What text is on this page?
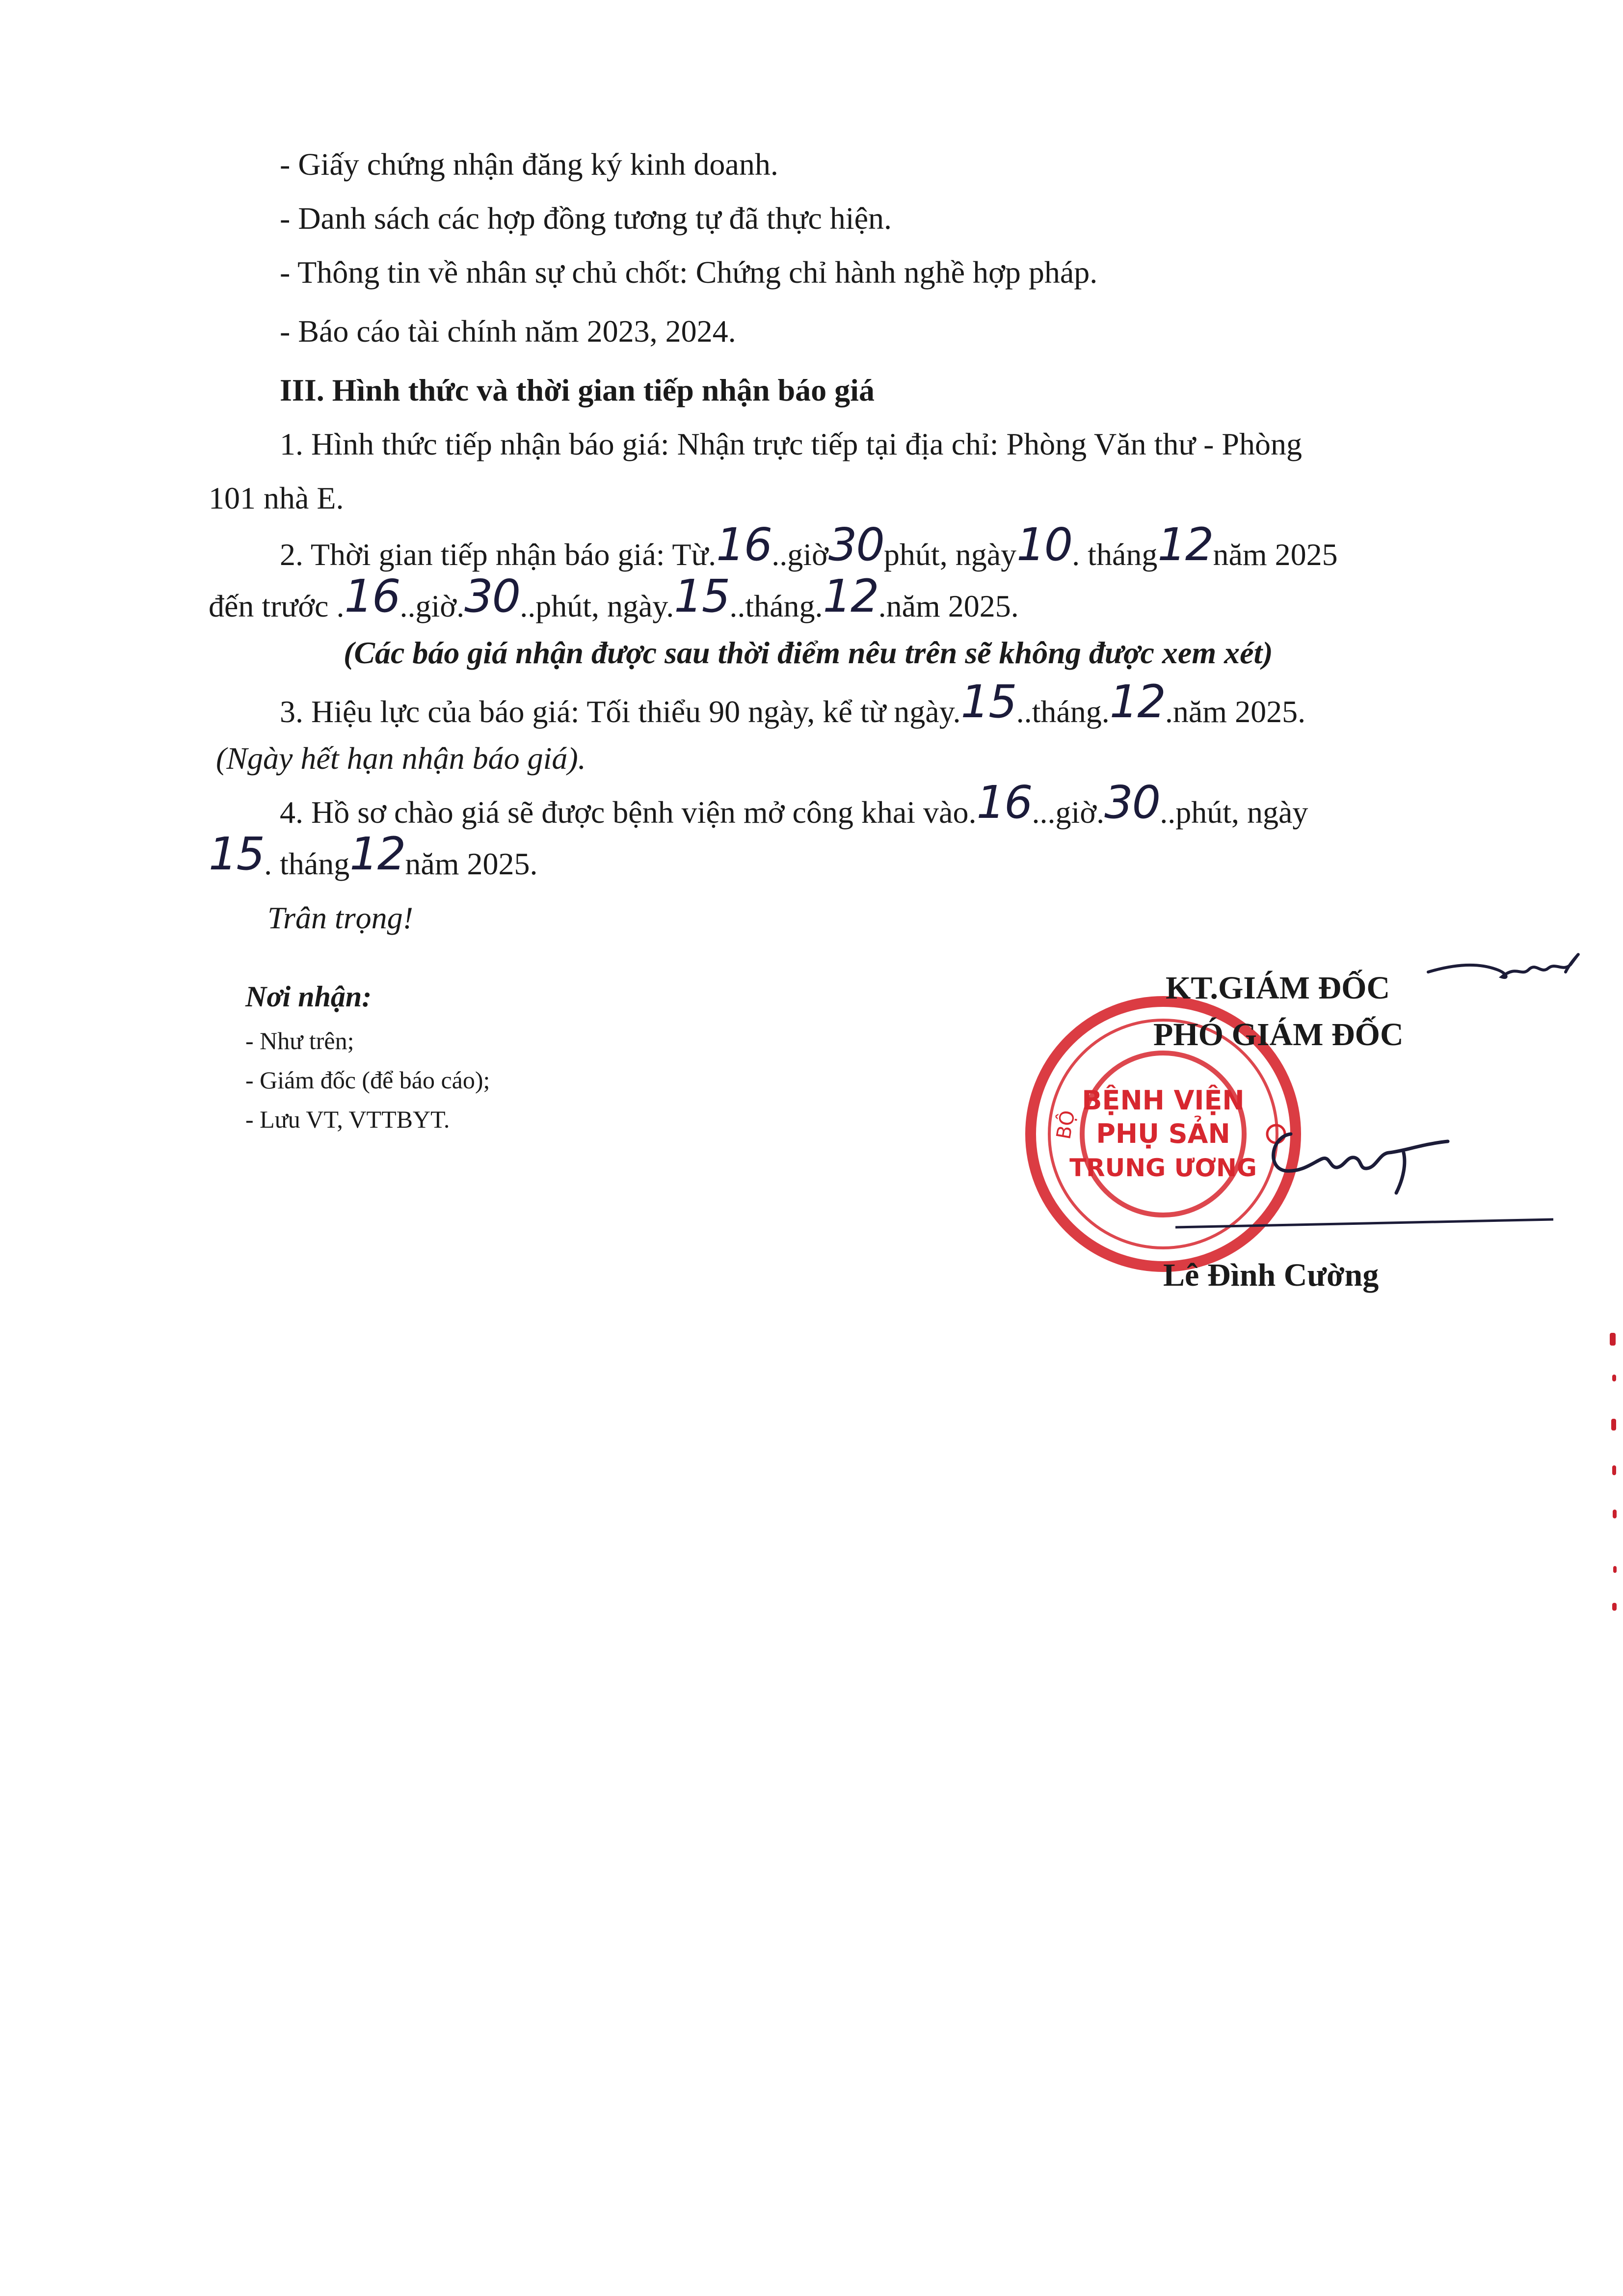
- Giấy chứng nhận đăng ký kinh doanh.
- Danh sách các hợp đồng tương tự đã thực hiện.
- Thông tin về nhân sự chủ chốt: Chứng chỉ hành nghề hợp pháp.
- Báo cáo tài chính năm 2023, 2024.
III. Hình thức và thời gian tiếp nhận báo giá
1. Hình thức tiếp nhận báo giá: Nhận trực tiếp tại địa chỉ: Phòng Văn thư - Phòng
101 nhà E.
2. Thời gian tiếp nhận báo giá: Từ.16..giờ30phút, ngày10. tháng12năm 2025
đến trước .16..giờ.30..phút, ngày.15..tháng.12.năm 2025.
(Các báo giá nhận được sau thời điểm nêu trên sẽ không được xem xét)
3. Hiệu lực của báo giá: Tối thiểu 90 ngày, kể từ ngày.15..tháng.12.năm 2025.
(Ngày hết hạn nhận báo giá).
4. Hồ sơ chào giá sẽ được bệnh viện mở công khai vào.16...giờ.30..phút, ngày
15. tháng12năm 2025.
Trân trọng!
Nơi nhận:
- Như trên;
- Giám đốc (để báo cáo);
- Lưu VT, VTTBYT.	BỘ
BỆNH VIỆN
PHỤ SẢN
TRUNG ƯƠNG
KT.GIÁM ĐỐC
PHÓ GIÁM ĐỐC
Lê Đình Cường
